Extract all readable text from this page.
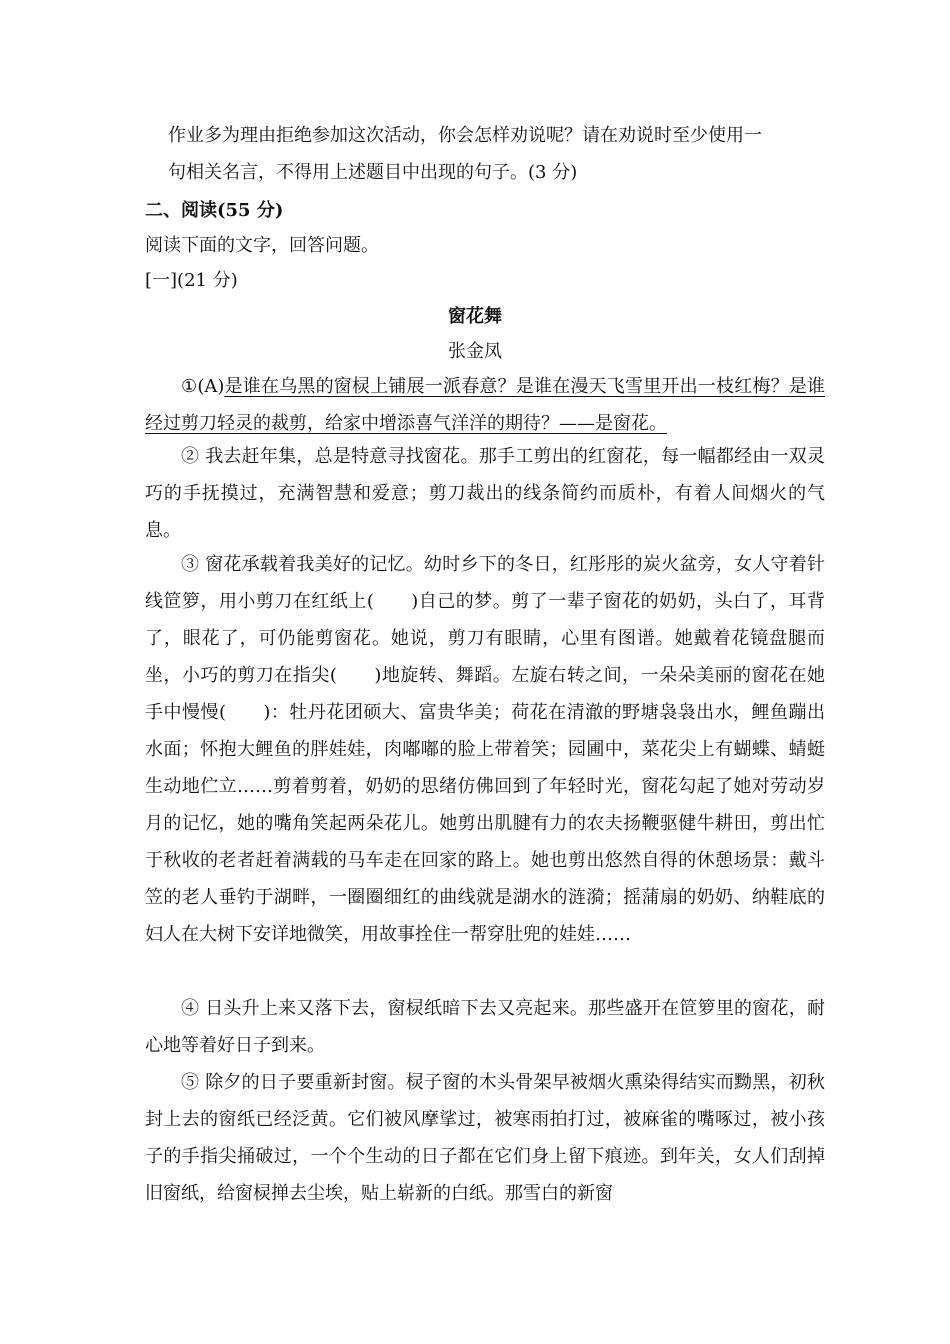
作业多为理由拒绝参加这次活动，你会怎样劝说呢？请在劝说时至少使用一
句相关名言，不得用上述题目中出现的句子。(3 分)
二、阅读(55 分)
阅读下面的文字，回答问题。
[一](21 分)
窗花舞
张金凤
①(A)是谁在乌黑的窗棂上铺展一派春意？是谁在漫天飞雪里开出一枝红梅？是谁经过剪刀轻灵的裁剪，给家中增添喜气洋洋的期待？——是窗花。
② 我去赶年集，总是特意寻找窗花。那手工剪出的红窗花，每一幅都经由一双灵巧的手抚摸过，充满智慧和爱意；剪刀裁出的线条简约而质朴，有着人间烟火的气息。
③ 窗花承载着我美好的记忆。幼时乡下的冬日，红彤彤的炭火盆旁，女人守着针线笸箩，用小剪刀在红纸上(　　)自己的梦。剪了一辈子窗花的奶奶，头白了，耳背了，眼花了，可仍能剪窗花。她说，剪刀有眼睛，心里有图谱。她戴着花镜盘腿而坐，小巧的剪刀在指尖(　　)地旋转、舞蹈。左旋右转之间，一朵朵美丽的窗花在她手中慢慢(　　)：牡丹花团硕大、富贵华美；荷花在清澈的野塘袅袅出水，鲤鱼蹦出水面；怀抱大鲤鱼的胖娃娃，肉嘟嘟的脸上带着笑；园圃中，菜花尖上有蝴蝶、蜻蜓生动地伫立……剪着剪着，奶奶的思绪仿佛回到了年轻时光，窗花勾起了她对劳动岁月的记忆，她的嘴角笑起两朵花儿。她剪出肌腱有力的农夫扬鞭驱健牛耕田，剪出忙于秋收的老者赶着满载的马车走在回家的路上。她也剪出悠然自得的休憩场景：戴斗笠的老人垂钓于湖畔，一圈圈细红的曲线就是湖水的涟漪；摇蒲扇的奶奶、纳鞋底的妇人在大树下安详地微笑，用故事拴住一帮穿肚兜的娃娃……
④ 日头升上来又落下去，窗棂纸暗下去又亮起来。那些盛开在笸箩里的窗花，耐心地等着好日子到来。
⑤ 除夕的日子要重新封窗。棂子窗的木头骨架早被烟火熏染得结实而黝黑，初秋封上去的窗纸已经泛黄。它们被风摩挲过，被寒雨拍打过，被麻雀的嘴啄过，被小孩子的手指尖捅破过，一个个生动的日子都在它们身上留下痕迹。到年关，女人们刮掉旧窗纸，给窗棂掸去尘埃，贴上崭新的白纸。那雪白的新窗
